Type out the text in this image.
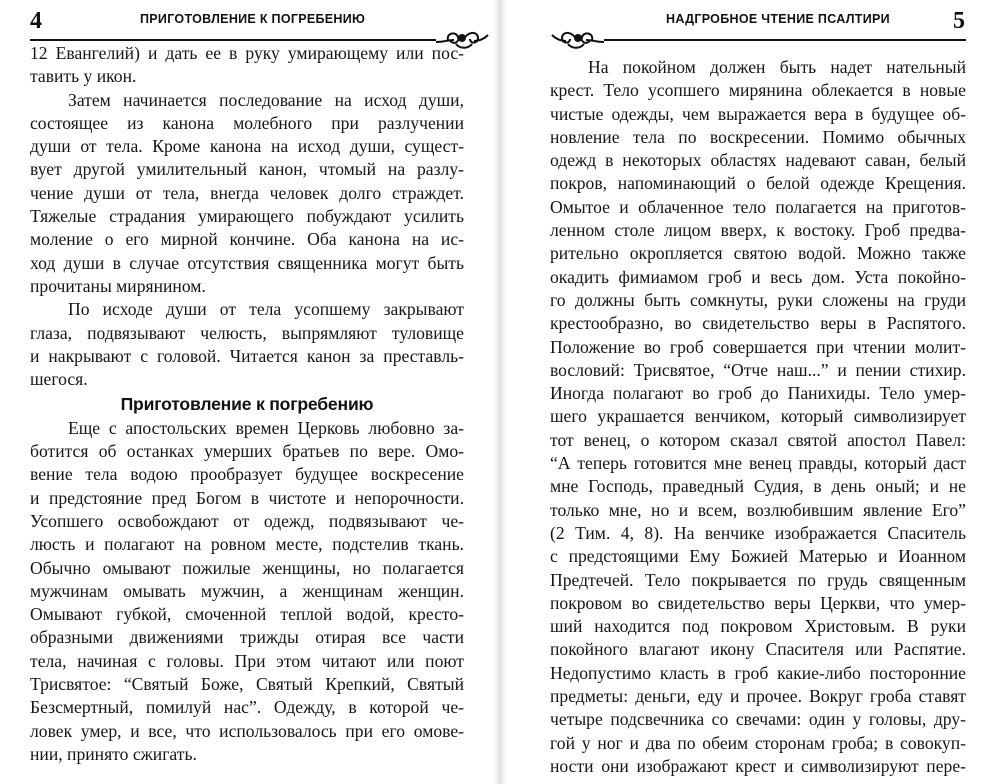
4	ПРИГОТОВЛЕНИЕ К ПОГРЕБЕНИЮ

12 Евангелий) и дать ее в руку умирающему или пос-
тавить у икон.

Затем начинается последование на исход души,
состоящее из канона молебного при разлучении
души от тела. Кроме канона на исход души, сущест-
вует другой умилительный канон, чтомый на разлу-
чение души от тела, внегда человек долго страждет.
Тяжелые страдания умирающего побуждают усилить
моление о его мирной кончине. Оба канона на ис-
ход души в случае отсутствия священника могут быть
прочитаны мирянином.

По исходе души от тела усопшему закрывают
глаза, подвязывают челюсть, выпрямляют туловище
и накрывают с головой. Читается канон за преставль-
шегося.

Приготовление к погребению

Еще с апостольских времен Церковь любовно за-
ботится об останках умерших братьев по вере. Омо-
вение тела водою прообразует будущее воскресение
и предстояние пред Богом в чистоте и непорочности.
Усопшего освобождают от одежд, подвязывают че-
люсть и полагают на ровном месте, подстелив ткань.
Обычно омывают пожилые женщины, но полагается
мужчинам омывать мужчин, а женщинам женщин.
Омывают губкой, смоченной теплой водой, кресто-
образными движениями трижды отирая все части
тела, начиная с головы. При этом читают или поют
Трисвятое: “Святый Боже, Святый Крепкий, Святый
Безсмертный, помилуй нас”. Одежду, в которой че-
ловек умер, и все, что использовалось при его омове-
нии, принято сжигать.

НАДГРОБНОЕ ЧТЕНИЕ ПСАЛТИРИ	5

На покойном должен быть надет нательный
крест. Тело усопшего мирянина облекается в новые
чистые одежды, чем выражается вера в будущее об-
новление тела по воскресении. Помимо обычных
одежд в некоторых областях надевают саван, белый
покров, напоминающий о белой одежде Крещения.
Омытое и облаченное тело полагается на приготов-
ленном столе лицом вверх, к востоку. Гроб предва-
рительно окропляется святою водой. Можно также
окадить фимиамом гроб и весь дом. Уста покойно-
го должны быть сомкнуты, руки сложены на груди
крестообразно, во свидетельство веры в Распятого.
Положение во гроб совершается при чтении молит-
вословий: Трисвятое, “Отче наш...” и пении стихир.
Иногда полагают во гроб до Панихиды. Тело умер-
шего украшается венчиком, который символизирует
тот венец, о котором сказал святой апостол Павел:
“А теперь готовится мне венец правды, который даст
мне Господь, праведный Судия, в день оный; и не
только мне, но и всем, возлюбившим явление Его”
(2 Тим. 4, 8). На венчике изображается Спаситель
с предстоящими Ему Божией Матерью и Иоанном
Предтечей. Тело покрывается по грудь священным
покровом во свидетельство веры Церкви, что умер-
ший находится под покровом Христовым. В руки
покойного влагают икону Спасителя или Распятие.
Недопустимо класть в гроб какие-либо посторонние
предметы: деньги, еду и прочее. Вокруг гроба ставят
четыре подсвечника со свечами: один у головы, дру-
гой у ног и два по обеим сторонам гроба; в совокуп-
ности они изображают крест и символизируют пере-
